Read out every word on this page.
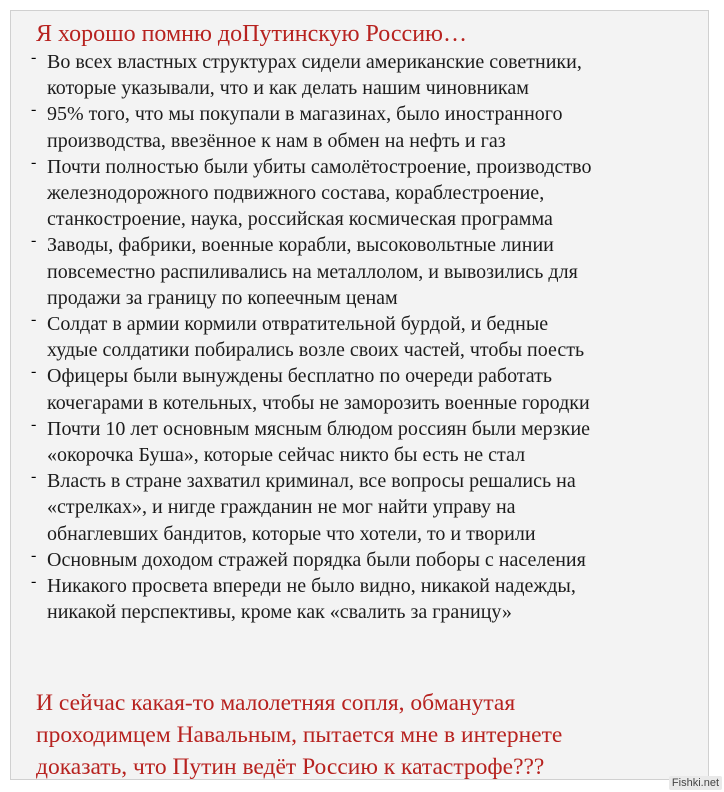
Я хорошо помню доПутинскую Россию…
- Во всех властных структурах сидели американские советники,
которые указывали, что и как делать нашим чиновникам
- 95% того, что мы покупали в магазинах, было иностранного
производства, ввезённое к нам в обмен на нефть и газ
- Почти полностью были убиты самолётостроение, производство
железнодорожного подвижного состава, кораблестроение,
станкостроение, наука, российская космическая программа
- Заводы, фабрики, военные корабли, высоковольтные линии
повсеместно распиливались на металлолом, и вывозились для
продажи за границу по копеечным ценам
- Солдат в армии кормили отвратительной бурдой, и бедные
худые солдатики побирались возле своих частей, чтобы поесть
- Офицеры были вынуждены бесплатно по очереди работать
кочегарами в котельных, чтобы не заморозить военные городки
- Почти 10 лет основным мясным блюдом россиян были мерзкие
«окорочка Буша», которые сейчас никто бы есть не стал
- Власть в стране захватил криминал, все вопросы решались на
«стрелках», и нигде гражданин не мог найти управу на
обнаглевших бандитов, которые что хотели, то и творили
- Основным доходом стражей порядка были поборы с населения
- Никакого просвета впереди не было видно, никакой надежды,
никакой перспективы, кроме как «свалить за границу»
И сейчас какая-то малолетняя сопля, обманутая
проходимцем Навальным, пытается мне в интернете
доказать, что Путин ведёт Россию к катастрофе???
Fishki.net
